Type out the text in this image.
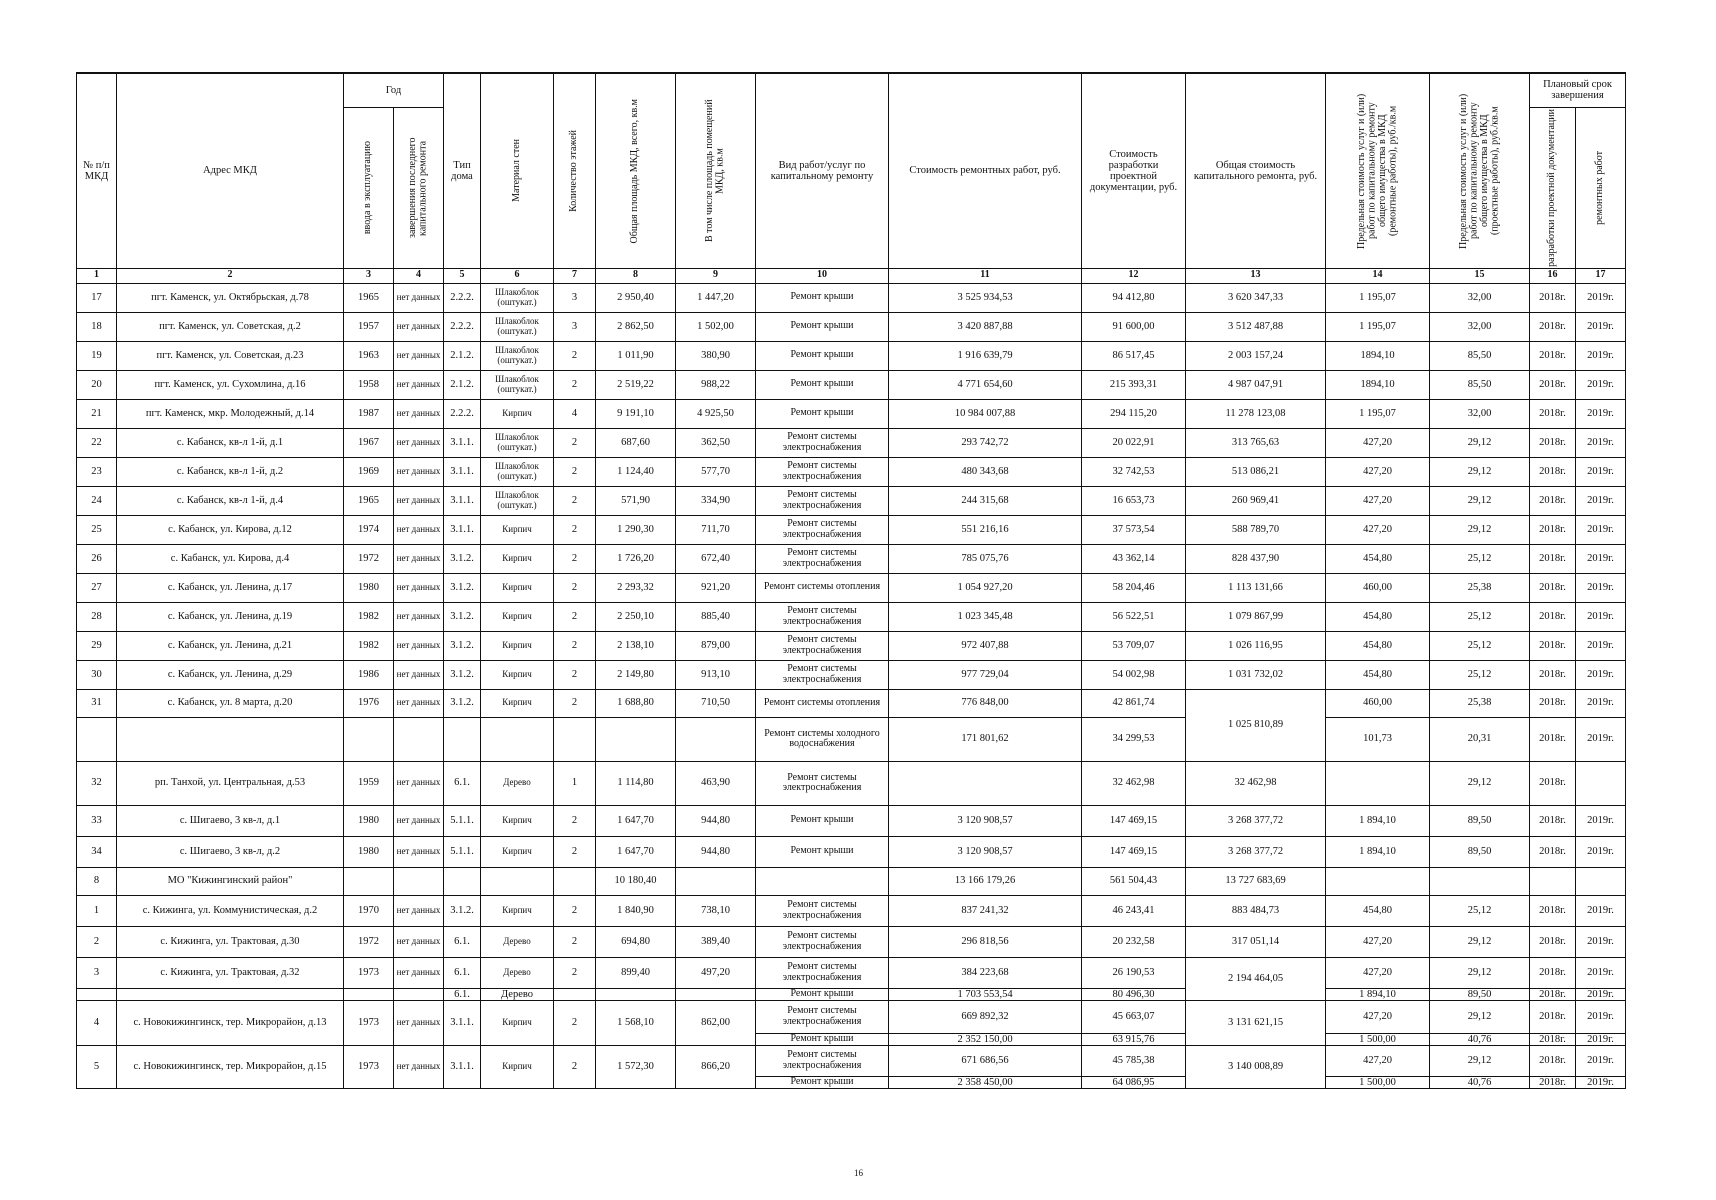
№ п/п МКД	Адрес МКД	Год		Тип дома	Материал стен	Количество этажей	Общая площадь МКД, всего, кв.м	В том числе площадь помещений МКД, кв.м	Вид работ/услуг по капитальному ремонту	Стоимость ремонтных работ, руб.	Стоимость разработки проектной документации, руб.	Общая стоимость капитального ремонта, руб.	Предельная стоимость услуг и (или) работ по капитальному ремонту общего имущества в МКД (ремонтные работы), руб./кв.м	Предельная стоимость услуг и (или) работ по капитальному ремонту общего имущества в МКД (проектные работы), руб./кв.м	Плановый срок завершения	

		ввода в эксплуатацию	завершения последнего капитального ремонта												разработки проектной документации	ремонтных работ

1	2	3	4	5	6	7	8	9	10	11	12	13	14	15	16	17
17	пгт. Каменск, ул. Октябрьская, д.78	1965	нет данных	2.2.2.	Шлакоблок (оштукат.)	3	2 950,40	1 447,20	Ремонт крыши	3 525 934,53	94 412,80	3 620 347,33	1 195,07	32,00	2018г.	2019г.
18	пгт. Каменск, ул. Советская, д.2	1957	нет данных	2.2.2.	Шлакоблок (оштукат.)	3	2 862,50	1 502,00	Ремонт крыши	3 420 887,88	91 600,00	3 512 487,88	1 195,07	32,00	2018г.	2019г.
19	пгт. Каменск, ул. Советская, д.23	1963	нет данных	2.1.2.	Шлакоблок (оштукат.)	2	1 011,90	380,90	Ремонт крыши	1 916 639,79	86 517,45	2 003 157,24	1894,10	85,50	2018г.	2019г.
20	пгт. Каменск, ул. Сухомлина, д.16	1958	нет данных	2.1.2.	Шлакоблок (оштукат.)	2	2 519,22	988,22	Ремонт крыши	4 771 654,60	215 393,31	4 987 047,91	1894,10	85,50	2018г.	2019г.
21	пгт. Каменск, мкр. Молодежный, д.14	1987	нет данных	2.2.2.	Кирпич	4	9 191,10	4 925,50	Ремонт крыши	10 984 007,88	294 115,20	11 278 123,08	1 195,07	32,00	2018г.	2019г.
22	с. Кабанск, кв-л 1-й, д.1	1967	нет данных	3.1.1.	Шлакоблок (оштукат.)	2	687,60	362,50	Ремонт системы электроснабжения	293 742,72	20 022,91	313 765,63	427,20	29,12	2018г.	2019г.
23	с. Кабанск, кв-л 1-й, д.2	1969	нет данных	3.1.1.	Шлакоблок (оштукат.)	2	1 124,40	577,70	Ремонт системы электроснабжения	480 343,68	32 742,53	513 086,21	427,20	29,12	2018г.	2019г.
24	с. Кабанск, кв-л 1-й, д.4	1965	нет данных	3.1.1.	Шлакоблок (оштукат.)	2	571,90	334,90	Ремонт системы электроснабжения	244 315,68	16 653,73	260 969,41	427,20	29,12	2018г.	2019г.
25	с. Кабанск, ул. Кирова, д.12	1974	нет данных	3.1.1.	Кирпич	2	1 290,30	711,70	Ремонт системы электроснабжения	551 216,16	37 573,54	588 789,70	427,20	29,12	2018г.	2019г.
26	с. Кабанск, ул. Кирова, д.4	1972	нет данных	3.1.2.	Кирпич	2	1 726,20	672,40	Ремонт системы электроснабжения	785 075,76	43 362,14	828 437,90	454,80	25,12	2018г.	2019г.
27	с. Кабанск, ул. Ленина, д.17	1980	нет данных	3.1.2.	Кирпич	2	2 293,32	921,20	Ремонт системы отопления	1 054 927,20	58 204,46	1 113 131,66	460,00	25,38	2018г.	2019г.
28	с. Кабанск, ул. Ленина, д.19	1982	нет данных	3.1.2.	Кирпич	2	2 250,10	885,40	Ремонт системы электроснабжения	1 023 345,48	56 522,51	1 079 867,99	454,80	25,12	2018г.	2019г.
29	с. Кабанск, ул. Ленина, д.21	1982	нет данных	3.1.2.	Кирпич	2	2 138,10	879,00	Ремонт системы электроснабжения	972 407,88	53 709,07	1 026 116,95	454,80	25,12	2018г.	2019г.
30	с. Кабанск, ул. Ленина, д.29	1986	нет данных	3.1.2.	Кирпич	2	2 149,80	913,10	Ремонт системы электроснабжения	977 729,04	54 002,98	1 031 732,02	454,80	25,12	2018г.	2019г.
31	с. Кабанск, ул. 8 марта, д.20	1976	нет данных	3.1.2.	Кирпич	2	1 688,80	710,50	Ремонт системы отопления	776 848,00	42 861,74	1 025 810,89	460,00	25,38	2018г.	2019г.
									Ремонт системы холодного водоснабжения	171 801,62	34 299,53		101,73	20,31	2018г.	2019г.
32	рп. Танхой, ул. Центральная, д.53	1959	нет данных	6.1.	Дерево	1	1 114,80	463,90	Ремонт системы электроснабжения		32 462,98	32 462,98		29,12	2018г.	
33	с. Шигаево, 3 кв-л, д.1	1980	нет данных	5.1.1.	Кирпич	2	1 647,70	944,80	Ремонт крыши	3 120 908,57	147 469,15	3 268 377,72	1 894,10	89,50	2018г.	2019г.
34	с. Шигаево, 3 кв-л, д.2	1980	нет данных	5.1.1.	Кирпич	2	1 647,70	944,80	Ремонт крыши	3 120 908,57	147 469,15	3 268 377,72	1 894,10	89,50	2018г.	2019г.
8	МО "Кижингинский район"						10 180,40			13 166 179,26	561 504,43	13 727 683,69				
1	с. Кижинга, ул. Коммунистическая, д.2	1970	нет данных	3.1.2.	Кирпич	2	1 840,90	738,10	Ремонт системы электроснабжения	837 241,32	46 243,41	883 484,73	454,80	25,12	2018г.	2019г.
2	с. Кижинга, ул. Трактовая, д.30	1972	нет данных	6.1.	Дерево	2	694,80	389,40	Ремонт системы электроснабжения	296 818,56	20 232,58	317 051,14	427,20	29,12	2018г.	2019г.
3	с. Кижинга, ул. Трактовая, д.32	1973	нет данных	6.1.	Дерево	2	899,40	497,20	Ремонт системы электроснабжения	384 223,68	26 190,53	2 194 464,05	427,20	29,12	2018г.	2019г.
				6.1.	Дерево				Ремонт крыши	1 703 553,54	80 496,30		1 894,10	89,50	2018г.	2019г.
4	с. Новокижингинск, тер. Микрорайон, д.13	1973	нет данных	3.1.1.	Кирпич	2	1 568,10	862,00	Ремонт системы электроснабжения	669 892,32	45 663,07	3 131 621,15	427,20	29,12	2018г.	2019г.
									Ремонт крыши	2 352 150,00	63 915,76		1 500,00	40,76	2018г.	2019г.
5	с. Новокижингинск, тер. Микрорайон, д.15	1973	нет данных	3.1.1.	Кирпич	2	1 572,30	866,20	Ремонт системы электроснабжения	671 686,56	45 785,38	3 140 008,89	427,20	29,12	2018г.	2019г.
									Ремонт крыши	2 358 450,00	64 086,95		1 500,00	40,76	2018г.	2019г.
16
